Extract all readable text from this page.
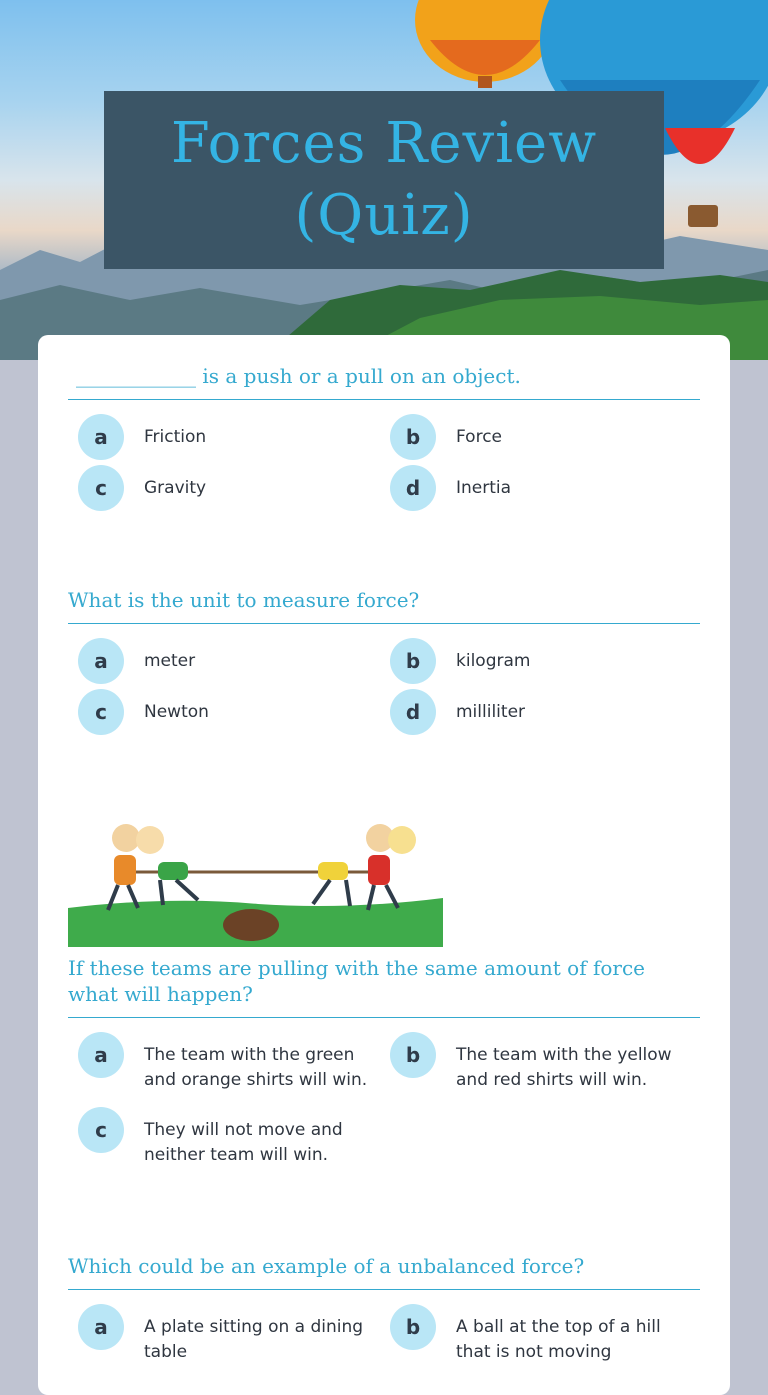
Forces Review (Quiz)
____________ is a push or a pull on an object.
a	Friction	b	Force
c	Gravity	d	Inertia
What is the unit to measure force?
a	meter	b	kilogram
c	Newton	d	milliliter
If these teams are pulling with the same amount of force what will happen?
a	The team with the green and orange shirts will win.
b	The team with the yellow and red shirts will win.
c	They will not move and neither team will win.
Which could be an example of a unbalanced force?
a	A plate sitting on a dining table
b	A ball at the top of a hill that is not moving
